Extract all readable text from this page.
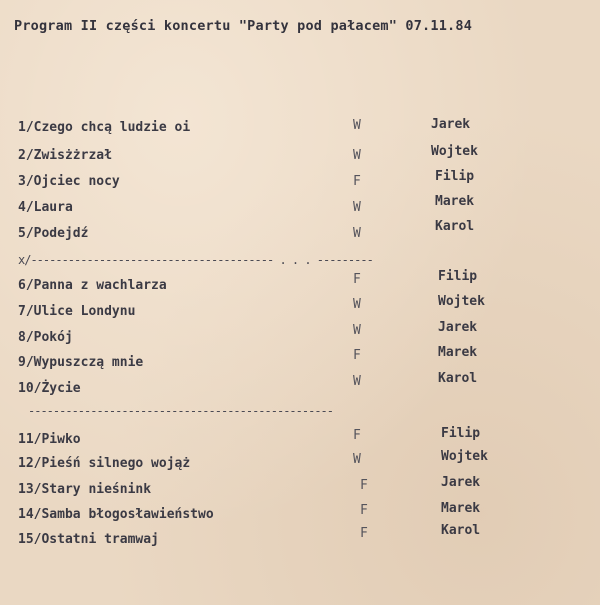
Program II części koncertu "Party pod pałacem" 07.11.84
1/Czego chcą ludzie oi	W	Jarek
2/Zwisżżrzał	W	Wojtek
3/Ojciec nocy	F	Filip
4/Laura	W	Marek
5/Podejdź	W	Karol
x/--------------------------------------- . . . ---------
6/Panna z wachlarza	F	Filip
7/Ulice Londynu	W	Wojtek
8/Pokój	W	Jarek
9/Wypuszczą mnie	F	Marek
10/Życie	W	Karol
-------------------------------------------------
11/Piwko	F	Filip
12/Pieśń silnego wojąż	W	Wojtek
13/Stary nieśnink	F	Jarek
14/Samba błogosławieństwo	F	Marek
15/Ostatni tramwaj	F	Karol
